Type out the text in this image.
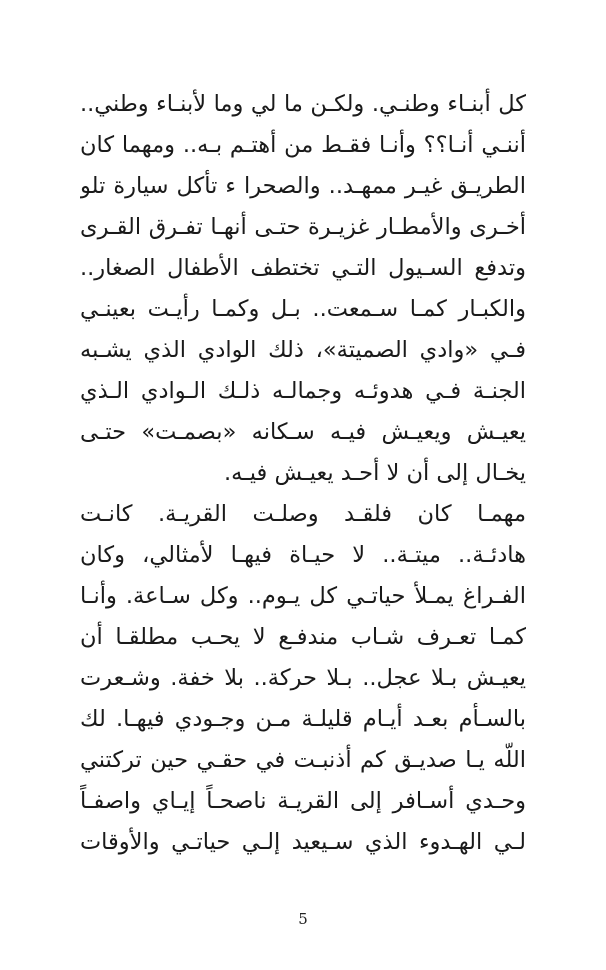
كل أبنـاء وطنـي. ولكـن ما لي وما لأبنـاء وطني..
أننـي أنـا؟؟ وأنـا فقـط من أهتـم بـه.. ومهما كان
الطريـق غيـر ممهـد.. والصحرا ء تأكل سيارة تلو
أخـرى والأمطـار غزيـرة حتـى أنهـا تفـرق القـرى
وتدفع السـيول التـي تختطف الأطفال الصغار..
والكبـار كمـا سـمعت.. بـل وكمـا رأيـت بعينـي
فـي «وادي الصميتة»، ذلك الوادي الذي يشـبه
الجنـة فـي هدوئـه وجمالـه ذلـك الـوادي الـذي
يعيـش ويعيـش فيـه سـكانه «بصمـت» حتـى
يخـال إلى أن لا أحـد يعيـش فيـه.
مهمـا كان فلقـد وصلـت القريـة. كانـت
هادئـة.. ميتـة.. لا حيـاة فيهـا لأمثالي، وكان
الفـراغ يمـلأ حياتـي كل يـوم.. وكل سـاعة. وأنـا
كمـا تعـرف شـاب مندفـع لا يحـب مطلقـا أن
يعيـش بـلا عجل.. بـلا حركة.. بلا خفة. وشـعرت
بالسـأم بعـد أيـام قليلـة مـن وجـودي فيهـا. لك
اللّه يـا صديـق كم أذنبـت في حقـي حين تركتني
وحـدي أسـافر إلى القريـة ناصحـاً إيـاي واصفـاً
لـي الهـدوء الذي سـيعيد إلـي حياتـي والأوقات
5
